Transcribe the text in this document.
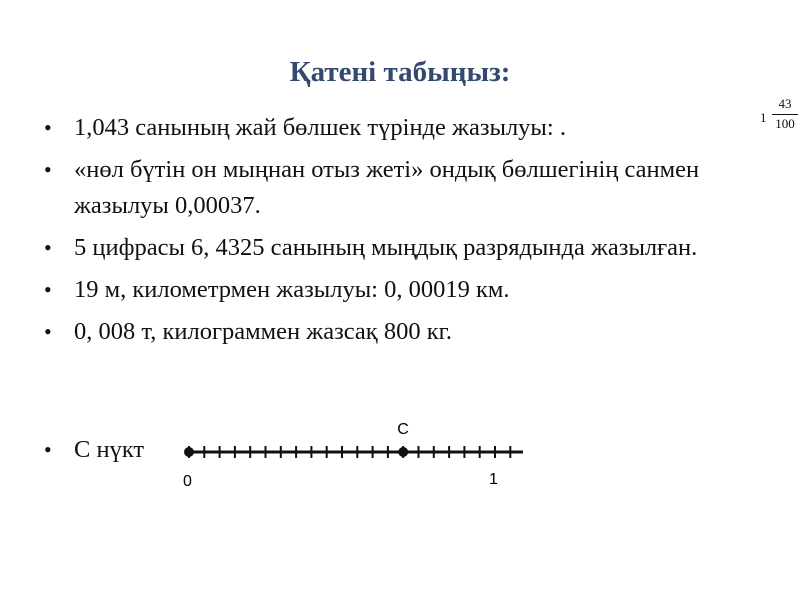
Қатені табыңыз:
• 1,043 санының жай бөлшек түрінде жазылуы: .
• «нөл бүтін он мыңнан отыз жеті» ондық бөлшегінің санмен жазылуы 0,00037.
• 5 цифрасы 6, 4325 санының мыңдық разрядында жазылған.
• 19 м, километрмен жазылуы: 0, 00019 км.
• 0, 008 т, килограммен жазсақ 800 кг.
• С нүкт
1
43
100
C
0	1
